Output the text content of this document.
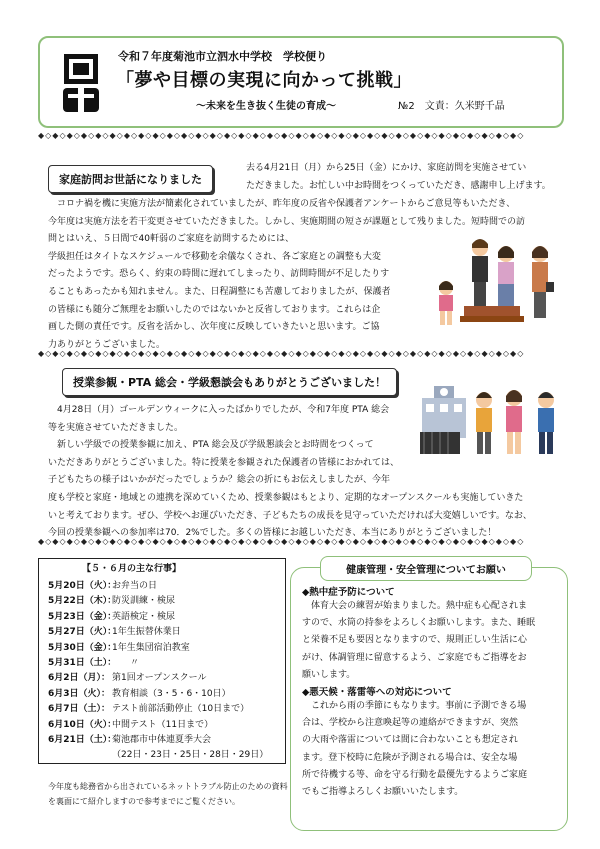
令和７年度菊池市立泗水中学校　学校便り
「夢や目標の実現に向かって挑戦」
～未来を生き抜く生徒の育成～	№2　文責：久米野千晶
◆◇◆◇◆◇◆◇◆◇◆◇◆◇◆◇◆◇◆◇◆◇◆◇◆◇◆◇◆◇◆◇◆◇◆◇◆◇◆◇◆◇◆◇◆◇◆◇◆◇◆◇◆◇◆◇◆◇◆◇◆◇◆◇◆◇◆◇
家庭訪問お世話になりました

去る4月21日（月）から25日（金）にかけ、家庭訪問を実施させてい

ただきました。お忙しい中お時間をつくっていただき、感謝申し上げます。

　コロナ禍を機に実施方法が簡素化されていましたが、昨年度の反省や保護者アンケートからご意見等もいただき、

今年度は実施方法を若干変更させていただきました。しかし、実施期間の短さが課題として残りました。短時間での訪

問とはいえ、５日間で40軒弱のご家庭を訪問するためには、

学級担任はタイトなスケジュールで移動を余儀なくされ、各ご家庭との調整も大変

だったようです。恐らく、約束の時間に遅れてしまったり、訪問時間が不足したりす

ることもあったかも知れません。また、日程調整にも苦慮しておりましたが、保護者

の皆様にも随分ご無理をお願いしたのではないかと反省しております。これらは企

画した側の責任です。反省を活かし、次年度に反映していきたいと思います。ご協

力ありがとうございました。

◆◇◆◇◆◇◆◇◆◇◆◇◆◇◆◇◆◇◆◇◆◇◆◇◆◇◆◇◆◇◆◇◆◇◆◇◆◇◆◇◆◇◆◇◆◇◆◇◆◇◆◇◆◇◆◇◆◇◆◇◆◇◆◇◆◇◆◇
授業参観・PTA 総会・学級懇談会もありがとうございました！

　4月28日（月）ゴールデンウィークに入ったばかりでしたが、令和7年度 PTA 総会

等を実施させていただきました。

　新しい学級での授業参観に加え、PTA 総会及び学級懇談会とお時間をつくって

いただきありがとうございました。特に授業を参観された保護者の皆様におかれては、

子どもたちの様子はいかがだったでしょうか？総会の折にもお伝えしましたが、今年

度も学校と家庭・地域との連携を深めていくため、授業参観はもとより、定期的なオープンスクールも実施していきた

いと考えております。ぜひ、学校へお運びいただき、子どもたちの成長を見守っていただければ大変嬉しいです。なお、

今回の授業参観への参加率は70．2%でした。多くの皆様にお越しいただき、本当にありがとうございました！

◆◇◆◇◆◇◆◇◆◇◆◇◆◇◆◇◆◇◆◇◆◇◆◇◆◇◆◇◆◇◆◇◆◇◆◇◆◇◆◇◆◇◆◇◆◇◆◇◆◇◆◇◆◇◆◇◆◇◆◇◆◇◆◇◆◇◆◇
【５・６月の主な行事】
5月20日（火）：
お弁当の日
5月22日（木）：
防災訓練・検尿
5月23日（金）：
英語検定・検尿
5月27日（火）：
1年生振替休業日
5月30日（金）：
1年生集団宿泊教室
5月31日（土）：
　　〃
6月2日（月）： 第1回オープンスクール
6月3日（火）： 教育相談（3・5・6・10日）
6月7日（土）： テスト前部活動停止（10日まで）
6月10日（火）：
中間テスト（11日まで）
6月21日（土）：
菊池郡市中体連夏季大会
（22日・23日・25日・28日・29日）
今年度も総務省から出されているネットトラブル防止のための資料を裏面にて紹介しますので参考までにご覧ください。
健康管理・安全管理についてお願い
◆熱中症予防について
　体育大会の練習が始まりました。熱中症も心配されま
すので、水筒の持参をよろしくお願いします。また、睡眠
と栄養不足も要因となりますので、規則正しい生活に心
がけ、体調管理に留意するよう、ご家庭でもご指導をお
願いします。
◆悪天候・落雷等への対応について
　これから雨の季節にもなります。事前に予測できる場
合は、学校から注意喚起等の連絡ができますが、突然
の大雨や落雷については間に合わないことも想定され
ます。登下校時に危険が予測される場合は、安全な場
所で待機する等、命を守る行動を最優先するようご家庭
でもご指導よろしくお願いいたします。
